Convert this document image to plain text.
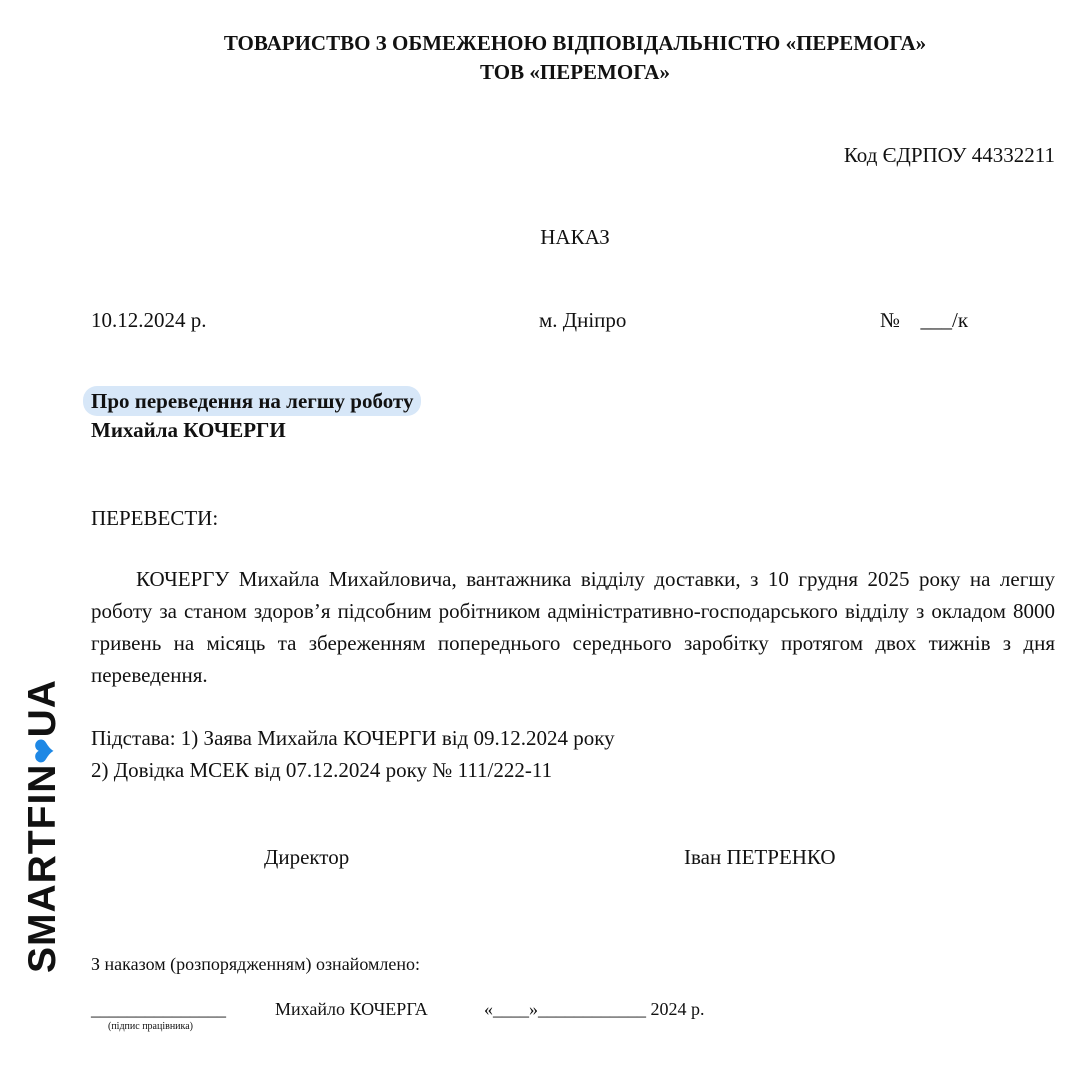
ТОВАРИСТВО З ОБМЕЖЕНОЮ ВІДПОВІДАЛЬНІСТЮ «ПЕРЕМОГА»
ТОВ «ПЕРЕМОГА»
Код ЄДРПОУ 44332211
НАКАЗ
10.12.2024 р.	м. Дніпро	№ ___/к
Про переведення на легшу роботу
Михайла КОЧЕРГИ
ПЕРЕВЕСТИ:
КОЧЕРГУ Михайла Михайловича, вантажника відділу доставки, з 10 грудня 2025 року на легшу роботу за станом здоров’я підсобним робітником адміністративно-господарського відділу з окладом 8000 гривень на місяць та збереженням попереднього середнього заробітку протягом двох тижнів з дня переведення.
Підстава: 1) Заява Михайла КОЧЕРГИ від 09.12.2024 року
2) Довідка МСЕК від 07.12.2024 року № 111/222-11
Директор	Іван ПЕТРЕНКО
З наказом (розпорядженням) ознайомлено:
_______________	Михайло КОЧЕРГА	«____»____________ 2024 р.
(підпис працівника)
SMARTFIN❤UA
